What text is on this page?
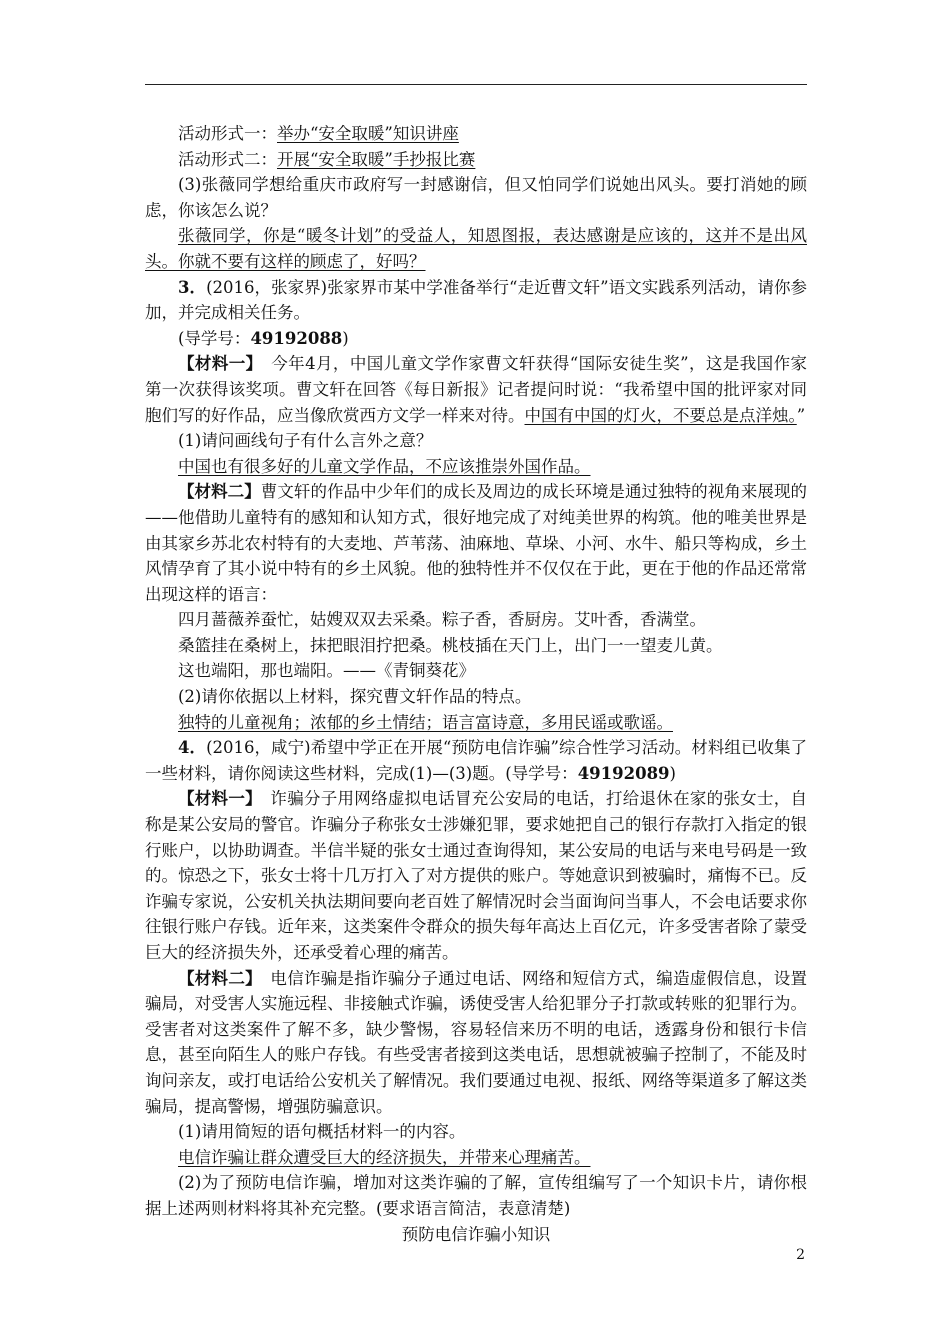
活动形式一：举办“安全取暖”知识讲座

活动形式二：开展“安全取暖”手抄报比赛

(3)张薇同学想给重庆市政府写一封感谢信，但又怕同学们说她出风头。要打消她的顾虑，你该怎么说？

张薇同学，你是“暖冬计划”的受益人，知恩图报，表达感谢是应该的，这并不是出风头。你就不要有这样的顾虑了，好吗？

3．(2016，张家界)张家界市某中学准备举行“走近曹文轩”语文实践系列活动，请你参加，并完成相关任务。

(导学号：49192088)

【材料一】　 今年4月，中国儿童文学作家曹文轩获得“国际安徒生奖”，这是我国作家第一次获得该奖项。曹文轩在回答《每日新报》记者提问时说：“我希望中国的批评家对同胞们写的好作品，应当像欣赏西方文学一样来对待。中国有中国的灯火，不要总是点洋烛。”

(1)请问画线句子有什么言外之意？

中国也有很多好的儿童文学作品，不应该推崇外国作品。

【材料二】曹文轩的作品中少年们的成长及周边的成长环境是通过独特的视角来展现的——他借助儿童特有的感知和认知方式，很好地完成了对纯美世界的构筑。他的唯美世界是由其家乡苏北农村特有的大麦地、芦苇荡、油麻地、草垛、小河、水牛、船只等构成，乡土风情孕育了其小说中特有的乡土风貌。他的独特性并不仅仅在于此，更在于他的作品还常常出现这样的语言：

四月蔷薇养蚕忙，姑嫂双双去采桑。粽子香，香厨房。艾叶香，香满堂。

桑篮挂在桑树上，抹把眼泪拧把桑。桃枝插在天门上，出门一一望麦儿黄。

这也端阳，那也端阳。——《青铜葵花》

(2)请你依据以上材料，探究曹文轩作品的特点。

独特的儿童视角；浓郁的乡土情结；语言富诗意，多用民谣或歌谣。

4．(2016，咸宁)希望中学正在开展“预防电信诈骗”综合性学习活动。材料组已收集了一些材料，请你阅读这些材料，完成(1)—(3)题。(导学号：49192089)

【材料一】　 诈骗分子用网络虚拟电话冒充公安局的电话，打给退休在家的张女士，自称是某公安局的警官。诈骗分子称张女士涉嫌犯罪，要求她把自己的银行存款打入指定的银行账户，以协助调查。半信半疑的张女士通过查询得知，某公安局的电话与来电号码是一致的。惊恐之下，张女士将十几万打入了对方提供的账户。等她意识到被骗时，痛悔不已。反诈骗专家说，公安机关执法期间要向老百姓了解情况时会当面询问当事人，不会电话要求你往银行账户存钱。近年来，这类案件令群众的损失每年高达上百亿元，许多受害者除了蒙受巨大的经济损失外，还承受着心理的痛苦。

【材料二】　 电信诈骗是指诈骗分子通过电话、网络和短信方式，编造虚假信息，设置骗局，对受害人实施远程、非接触式诈骗，诱使受害人给犯罪分子打款或转账的犯罪行为。受害者对这类案件了解不多，缺少警惕，容易轻信来历不明的电话，透露身份和银行卡信息，甚至向陌生人的账户存钱。有些受害者接到这类电话，思想就被骗子控制了，不能及时询问亲友，或打电话给公安机关了解情况。我们要通过电视、报纸、网络等渠道多了解这类骗局，提高警惕，增强防骗意识。

(1)请用简短的语句概括材料一的内容。

电信诈骗让群众遭受巨大的经济损失，并带来心理痛苦。

(2)为了预防电信诈骗，增加对这类诈骗的了解，宣传组编写了一个知识卡片，请你根据上述两则材料将其补充完整。(要求语言简洁，表意清楚)

预防电信诈骗小知识

2
